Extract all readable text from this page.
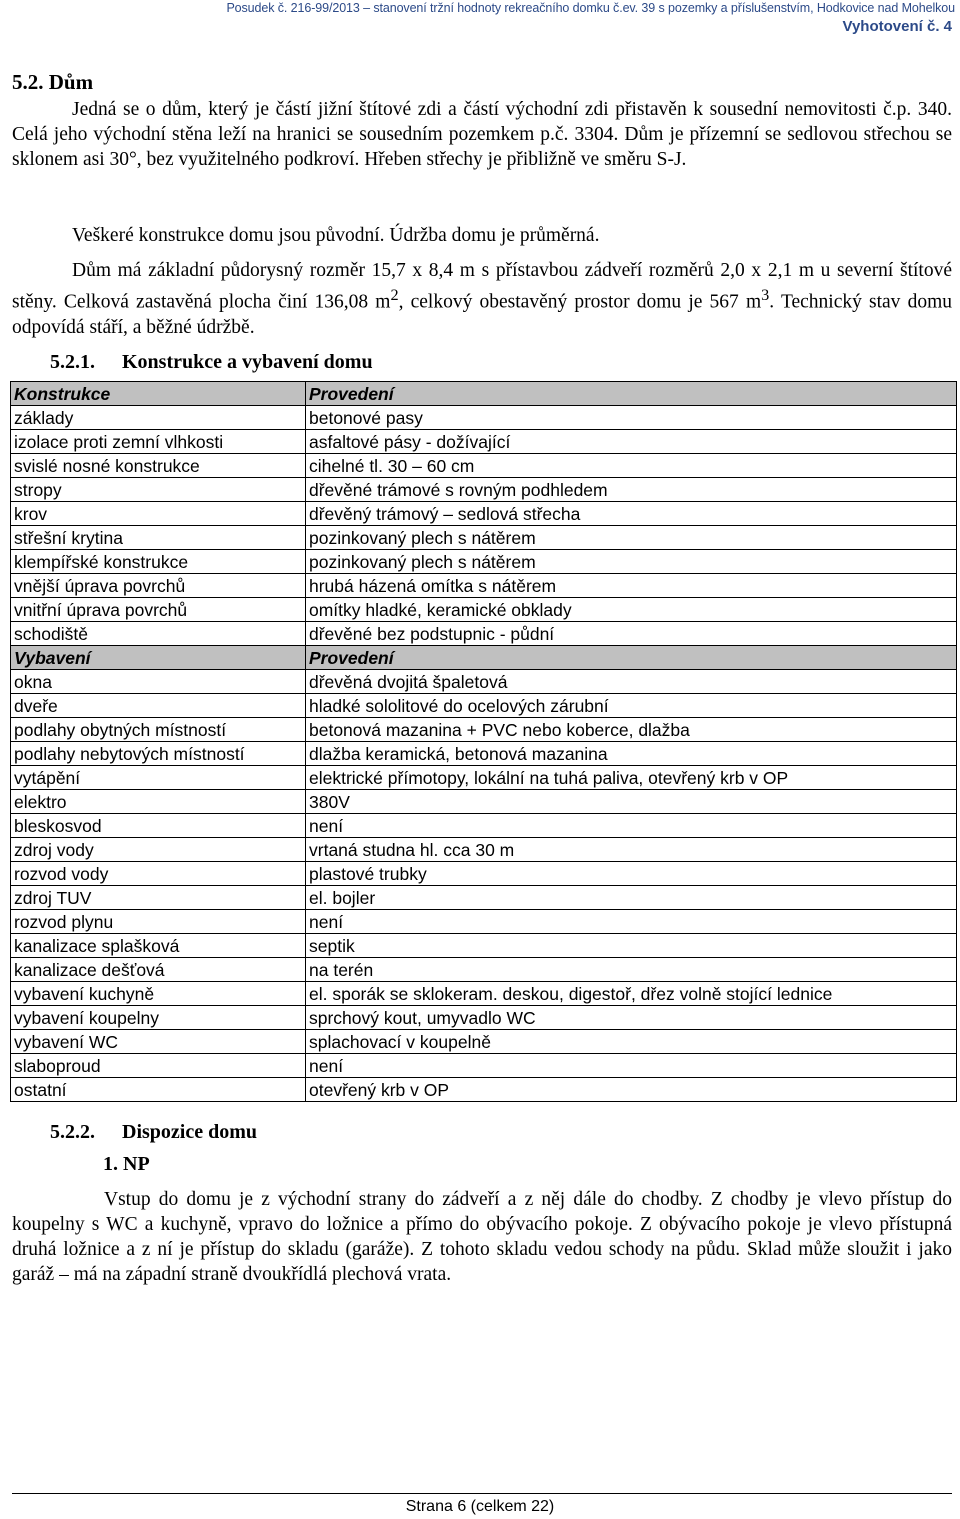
Posudek č. 216-99/2013 – stanovení tržní hodnoty rekreačního domku č.ev. 39 s pozemky a příslušenstvím, Hodkovice nad Mohelkou
Vyhotovení č. 4
5.2. Dům
Jedná se o dům, který je částí jižní štítové zdi a částí východní zdi přistavěn k sousední nemovitosti č.p. 340. Celá jeho východní stěna leží na hranici se sousedním pozemkem p.č. 3304. Dům je přízemní se sedlovou střechou se sklonem asi 30°, bez využitelného podkroví. Hřeben střechy je přibližně ve směru S-J.
Veškeré konstrukce domu jsou původní. Údržba domu je průměrná.
Dům má základní půdorysný rozměr 15,7 x 8,4 m s přístavbou zádveří rozměrů 2,0 x 2,1 m u severní štítové stěny. Celková zastavěná plocha činí 136,08 $m^2$, celkový obestavěný prostor domu je 567 $m^3$. Technický stav domu odpovídá stáří, a běžné údržbě.
5.2.1. Konstrukce a vybavení domu
Konstrukce	Provedení
základy	betonové pasy
izolace proti zemní vlhkosti	asfaltové pásy - dožívající
svislé nosné konstrukce	cihelné tl. 30 – 60 cm
stropy	dřevěné trámové s rovným podhledem
krov	dřevěný trámový – sedlová střecha
střešní krytina	pozinkovaný plech s nátěrem
klempířské konstrukce	pozinkovaný plech s nátěrem
vnější úprava povrchů	hrubá házená omítka s nátěrem
vnitřní úprava povrchů	omítky hladké, keramické obklady
schodiště	dřevěné bez podstupnic - půdní
Vybavení	Provedení
okna	dřevěná dvojitá špaletová
dveře	hladké sololitové do ocelových zárubní
podlahy obytných místností	betonová mazanina + PVC nebo koberce, dlažba
podlahy nebytových místností	dlažba keramická, betonová mazanina
vytápění	elektrické přímotopy, lokální na tuhá paliva, otevřený krb v OP
elektro	380V
bleskosvod	není
zdroj vody	vrtaná studna hl. cca 30 m
rozvod vody	plastové trubky
zdroj TUV	el. bojler
rozvod plynu	není
kanalizace splašková	septik
kanalizace dešťová	na terén
vybavení kuchyně	el. sporák se sklokeram. deskou, digestoř, dřez volně stojící lednice
vybavení koupelny	sprchový kout, umyvadlo WC
vybavení WC	splachovací v koupelně
slaboproud	není
ostatní	otevřený krb v OP
5.2.2. Dispozice domu
1. NP
Vstup do domu je z východní strany do zádveří a z něj dále do chodby. Z chodby je vlevo přístup do koupelny s WC a kuchyně, vpravo do ložnice a přímo do obývacího pokoje. Z obývacího pokoje je vlevo přístupná druhá ložnice a z ní je přístup do skladu (garáže). Z tohoto skladu vedou schody na půdu. Sklad může sloužit i jako garáž – má na západní straně dvoukřídlá plechová vrata.
Strana 6 (celkem 22)
